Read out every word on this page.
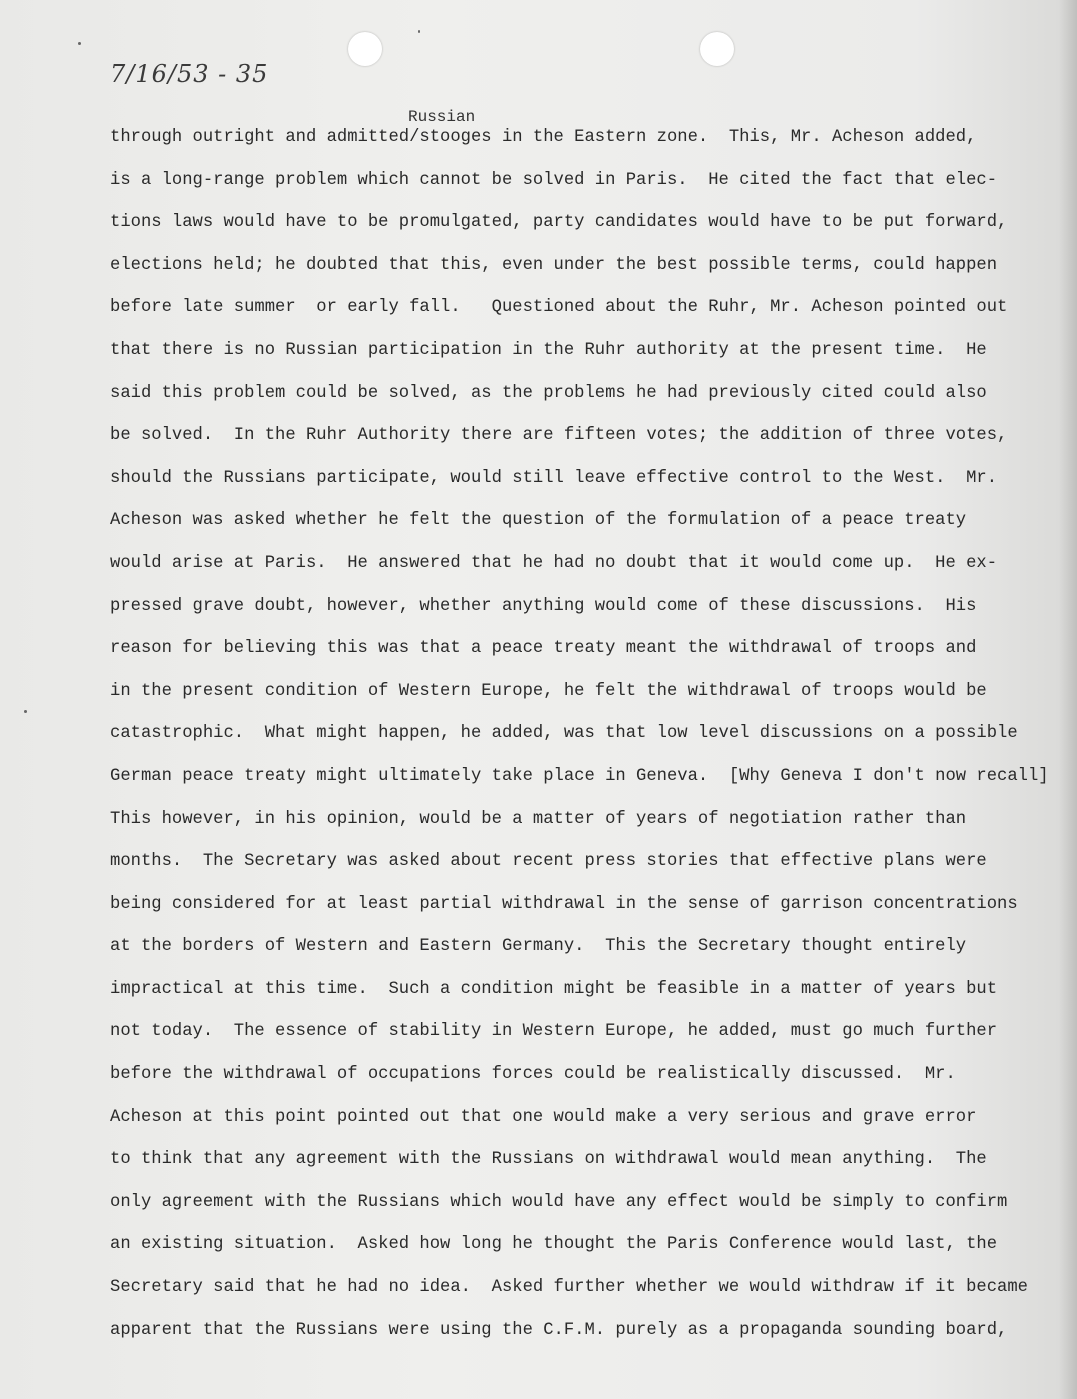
7/16/53 - 35
Russian
through outright and admitted/stooges in the Eastern zone.  This, Mr. Acheson added,
is a long-range problem which cannot be solved in Paris.  He cited the fact that elec-
tions laws would have to be promulgated, party candidates would have to be put forward,
elections held; he doubted that this, even under the best possible terms, could happen
before late summer  or early fall.   Questioned about the Ruhr, Mr. Acheson pointed out
that there is no Russian participation in the Ruhr authority at the present time.  He
said this problem could be solved, as the problems he had previously cited could also
be solved.  In the Ruhr Authority there are fifteen votes; the addition of three votes,
should the Russians participate, would still leave effective control to the West.  Mr.
Acheson was asked whether he felt the question of the formulation of a peace treaty
would arise at Paris.  He answered that he had no doubt that it would come up.  He ex-
pressed grave doubt, however, whether anything would come of these discussions.  His
reason for believing this was that a peace treaty meant the withdrawal of troops and
in the present condition of Western Europe, he felt the withdrawal of troops would be
catastrophic.  What might happen, he added, was that low level discussions on a possible
German peace treaty might ultimately take place in Geneva.  [Why Geneva I don't now recall]
This however, in his opinion, would be a matter of years of negotiation rather than
months.  The Secretary was asked about recent press stories that effective plans were
being considered for at least partial withdrawal in the sense of garrison concentrations
at the borders of Western and Eastern Germany.  This the Secretary thought entirely
impractical at this time.  Such a condition might be feasible in a matter of years but
not today.  The essence of stability in Western Europe, he added, must go much further
before the withdrawal of occupations forces could be realistically discussed.  Mr.
Acheson at this point pointed out that one would make a very serious and grave error
to think that any agreement with the Russians on withdrawal would mean anything.  The
only agreement with the Russians which would have any effect would be simply to confirm
an existing situation.  Asked how long he thought the Paris Conference would last, the
Secretary said that he had no idea.  Asked further whether we would withdraw if it became
apparent that the Russians were using the C.F.M. purely as a propaganda sounding board,
